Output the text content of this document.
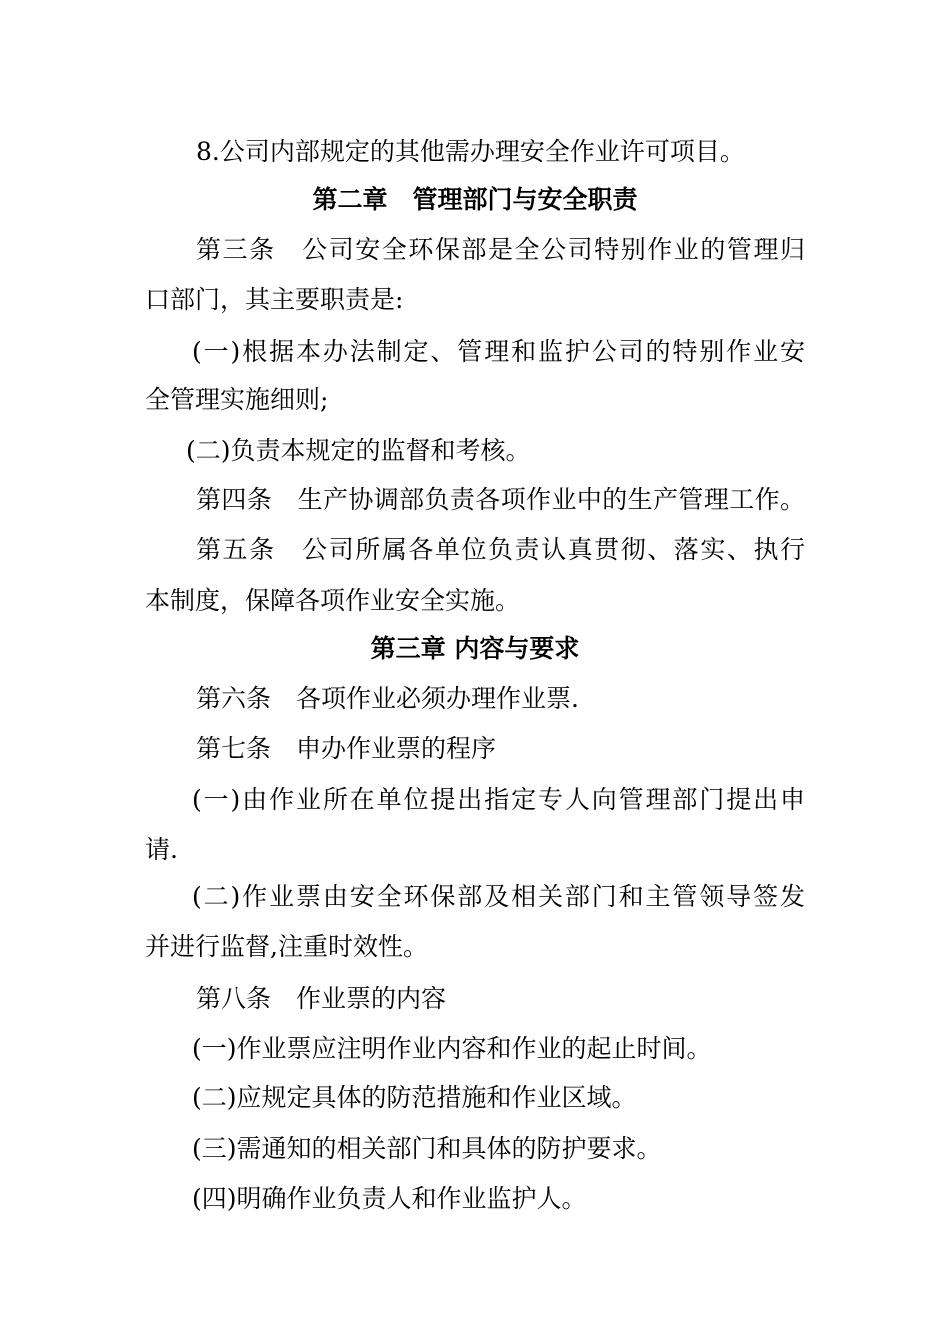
8.公司内部规定的其他需办理安全作业许可项目。
第二章　管理部门与安全职责
第三条　公司安全环保部是全公司特别作业的管理归
口部门，其主要职责是:
(一)根据本办法制定、管理和监护公司的特别作业安
全管理实施细则;
(二)负责本规定的监督和考核。
第四条　生产协调部负责各项作业中的生产管理工作。
第五条　公司所属各单位负责认真贯彻、落实、执行
本制度，保障各项作业安全实施。
第三章 内容与要求
第六条　各项作业必须办理作业票.
第七条　申办作业票的程序
(一)由作业所在单位提出指定专人向管理部门提出申
请.
(二)作业票由安全环保部及相关部门和主管领导签发
并进行监督,注重时效性。
第八条　作业票的内容
(一)作业票应注明作业内容和作业的起止时间。
(二)应规定具体的防范措施和作业区域。
(三)需通知的相关部门和具体的防护要求。
(四)明确作业负责人和作业监护人。
